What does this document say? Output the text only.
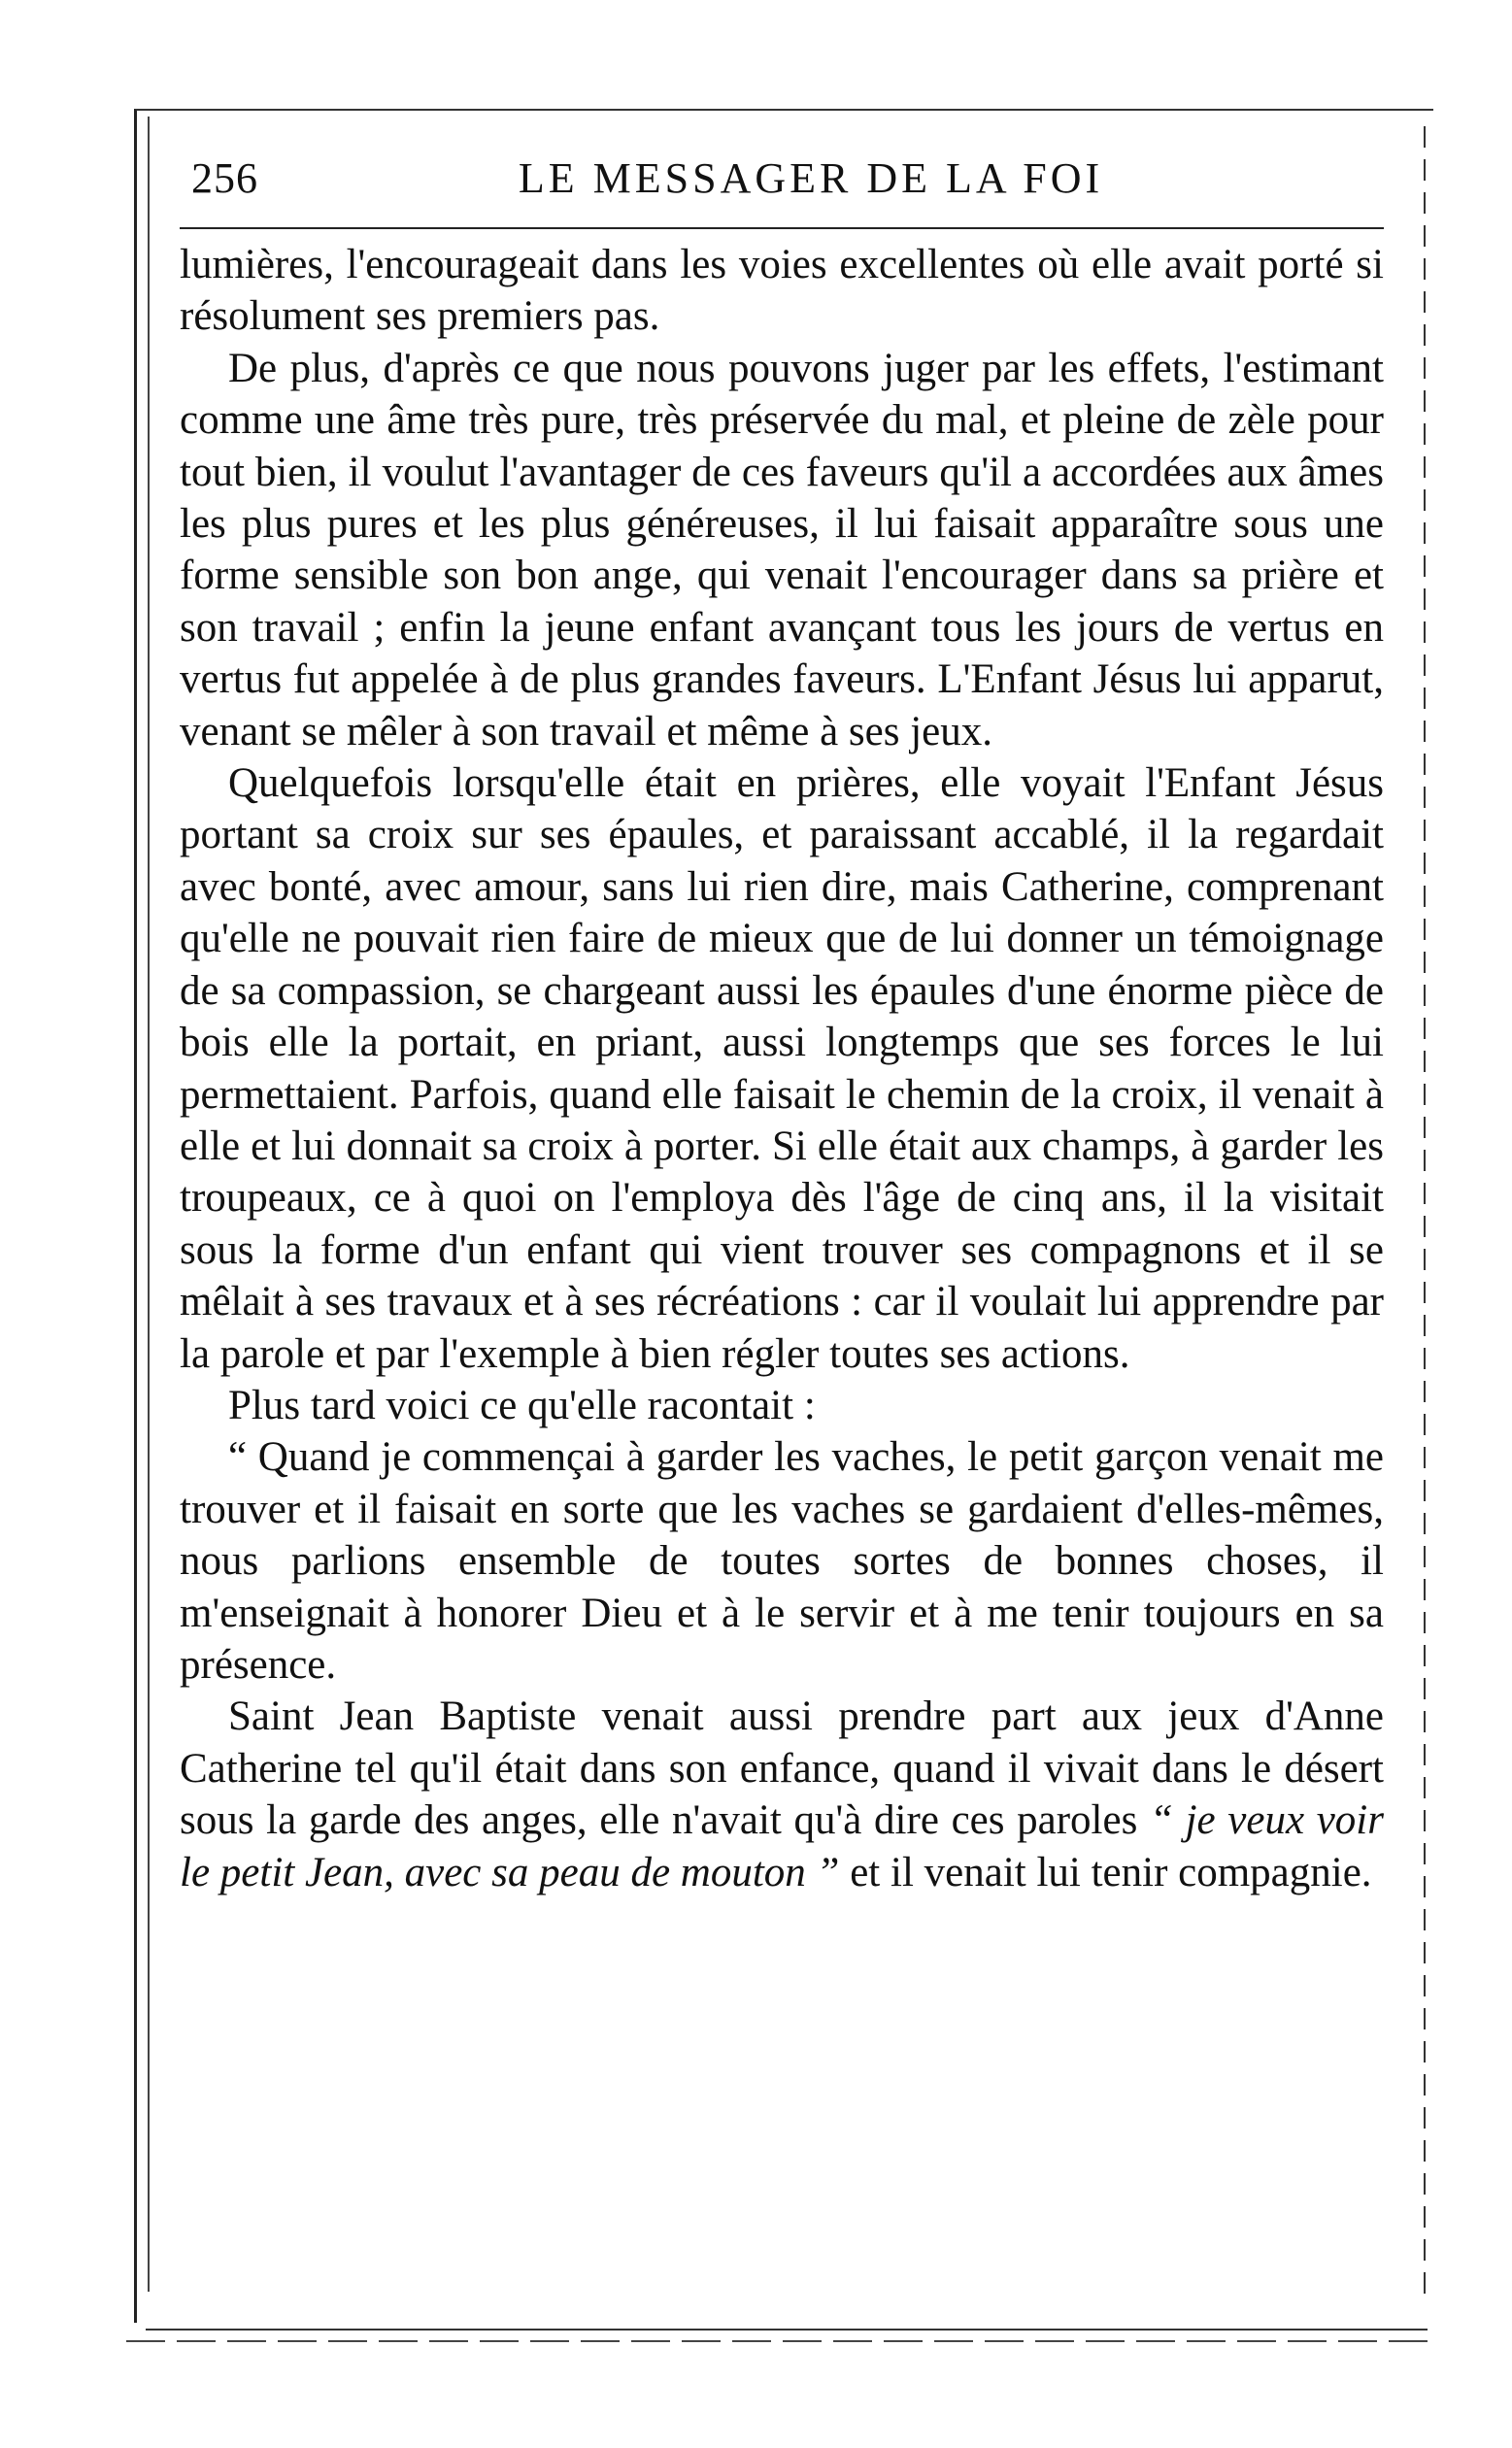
256	LE MESSAGER DE LA FOI

lumières, l'encourageait dans les voies excellentes où elle avait porté si résolument ses premiers pas.

De plus, d'après ce que nous pouvons juger par les effets, l'estimant comme une âme très pure, très préservée du mal, et pleine de zèle pour tout bien, il voulut l'avantager de ces faveurs qu'il a accordées aux âmes les plus pures et les plus généreuses, il lui faisait apparaître sous une forme sensible son bon ange, qui venait l'encourager dans sa prière et son travail ; enfin la jeune enfant avançant tous les jours de vertus en vertus fut appelée à de plus grandes faveurs. L'Enfant Jésus lui apparut, venant se mêler à son travail et même à ses jeux.

Quelquefois lorsqu'elle était en prières, elle voyait l'Enfant Jésus portant sa croix sur ses épaules, et paraissant accablé, il la regardait avec bonté, avec amour, sans lui rien dire, mais Catherine, comprenant qu'elle ne pouvait rien faire de mieux que de lui donner un témoignage de sa compassion, se chargeant aussi les épaules d'une énorme pièce de bois elle la portait, en priant, aussi longtemps que ses forces le lui permettaient. Parfois, quand elle faisait le chemin de la croix, il venait à elle et lui donnait sa croix à porter. Si elle était aux champs, à garder les troupeaux, ce à quoi on l'employa dès l'âge de cinq ans, il la visitait sous la forme d'un enfant qui vient trouver ses compagnons et il se mêlait à ses travaux et à ses récréations : car il voulait lui apprendre par la parole et par l'exemple à bien régler toutes ses actions.

Plus tard voici ce qu'elle racontait :

“ Quand je commençai à garder les vaches, le petit garçon venait me trouver et il faisait en sorte que les vaches se gardaient d'elles-mêmes, nous parlions ensemble de toutes sortes de bonnes choses, il m'enseignait à honorer Dieu et à le servir et à me tenir toujours en sa présence.

Saint Jean Baptiste venait aussi prendre part aux jeux d'Anne Catherine tel qu'il était dans son enfance, quand il vivait dans le désert sous la garde des anges, elle n'avait qu'à dire ces paroles “ je veux voir le petit Jean, avec sa peau de mouton ” et il venait lui tenir compagnie.
